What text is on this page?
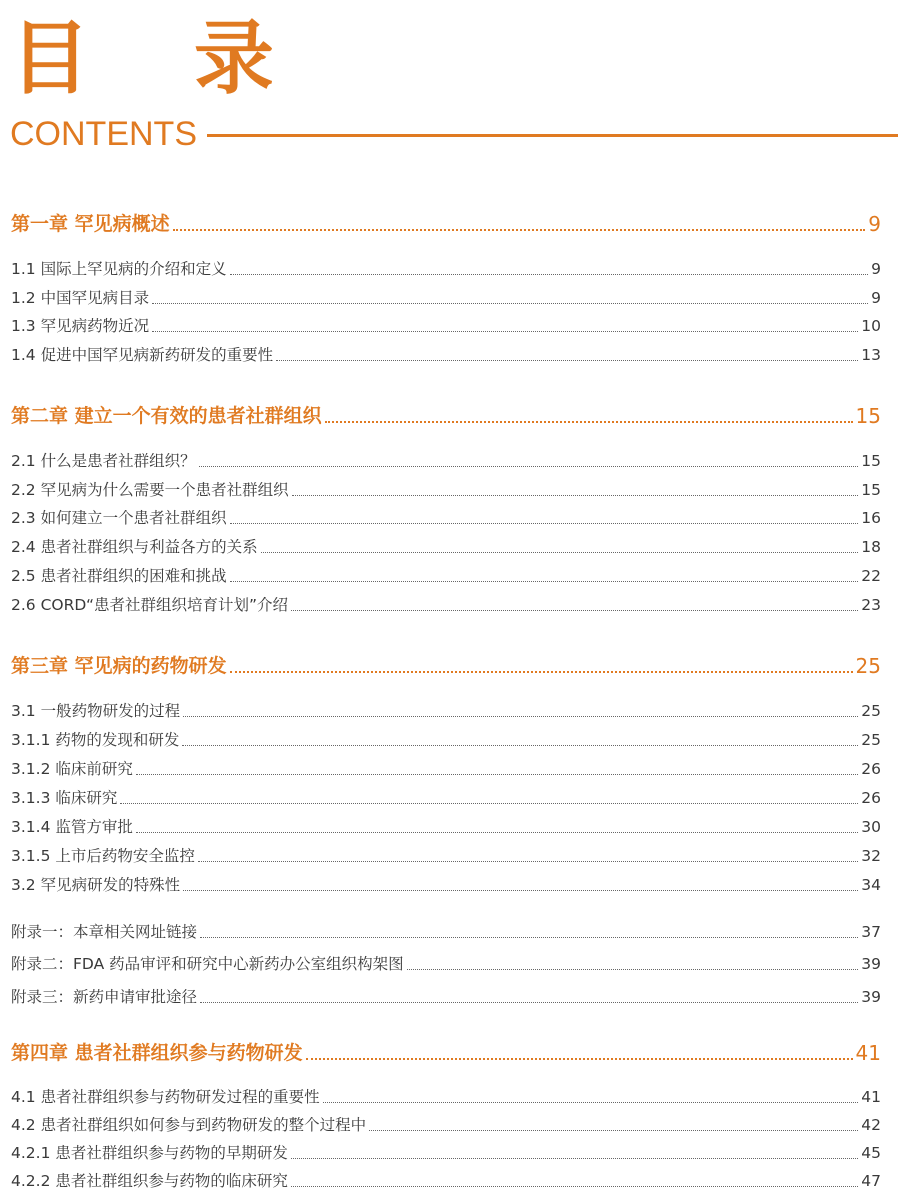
目 录
CONTENTS
第一章 罕见病概述	9
1.1 国际上罕见病的介绍和定义	9
1.2 中国罕见病目录	9
1.3 罕见病药物近况	10
1.4 促进中国罕见病新药研发的重要性	13
第二章 建立一个有效的患者社群组织	15
2.1 什么是患者社群组织？	15
2.2 罕见病为什么需要一个患者社群组织	15
2.3 如何建立一个患者社群组织	16
2.4 患者社群组织与利益各方的关系	18
2.5 患者社群组织的困难和挑战	22
2.6 CORD“患者社群组织培育计划”介绍	23
第三章 罕见病的药物研发	25
3.1 一般药物研发的过程	25
3.1.1 药物的发现和研发	25
3.1.2 临床前研究	26
3.1.3 临床研究	26
3.1.4 监管方审批	30
3.1.5 上市后药物安全监控	32
3.2 罕见病研发的特殊性	34
附录一：本章相关网址链接	37
附录二：FDA 药品审评和研究中心新药办公室组织构架图	39
附录三：新药申请审批途径	39
第四章 患者社群组织参与药物研发	41
4.1 患者社群组织参与药物研发过程的重要性	41
4.2 患者社群组织如何参与到药物研发的整个过程中	42
4.2.1 患者社群组织参与药物的早期研发	45
4.2.2 患者社群组织参与药物的临床研究	47
